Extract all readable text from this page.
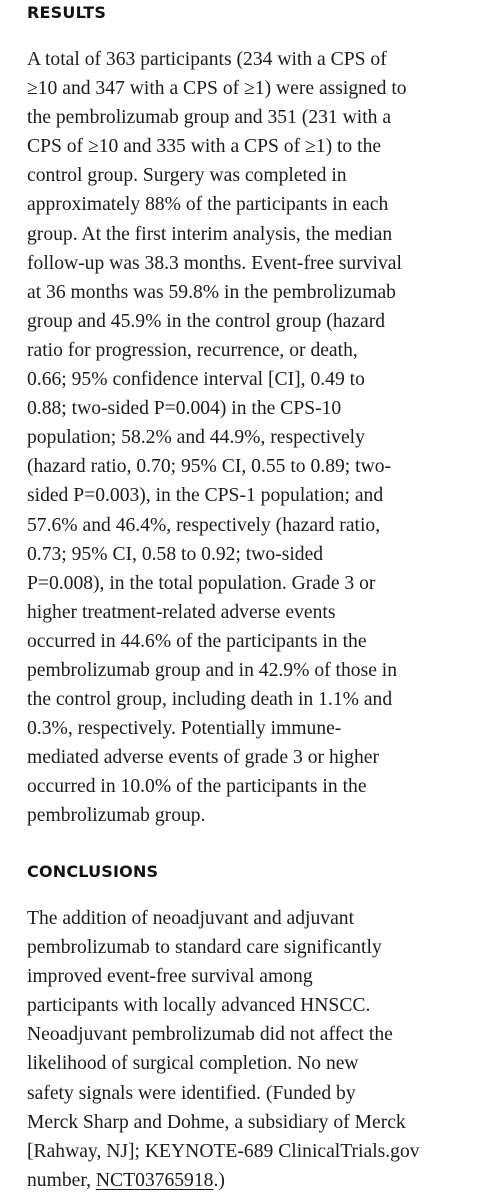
RESULTS

A total of 363 participants (234 with a CPS of
≥10 and 347 with a CPS of ≥1) were assigned to
the pembrolizumab group and 351 (231 with a
CPS of ≥10 and 335 with a CPS of ≥1) to the
control group. Surgery was completed in
approximately 88% of the participants in each
group. At the first interim analysis, the median
follow-up was 38.3 months. Event-free survival
at 36 months was 59.8% in the pembrolizumab
group and 45.9% in the control group (hazard
ratio for progression, recurrence, or death,
0.66; 95% confidence interval [CI], 0.49 to
0.88; two-sided P=0.004) in the CPS-10
population; 58.2% and 44.9%, respectively
(hazard ratio, 0.70; 95% CI, 0.55 to 0.89; two-
sided P=0.003), in the CPS-1 population; and
57.6% and 46.4%, respectively (hazard ratio,
0.73; 95% CI, 0.58 to 0.92; two-sided
P=0.008), in the total population. Grade 3 or
higher treatment-related adverse events
occurred in 44.6% of the participants in the
pembrolizumab group and in 42.9% of those in
the control group, including death in 1.1% and
0.3%, respectively. Potentially immune-
mediated adverse events of grade 3 or higher
occurred in 10.0% of the participants in the
pembrolizumab group.

CONCLUSIONS

The addition of neoadjuvant and adjuvant
pembrolizumab to standard care significantly
improved event-free survival among
participants with locally advanced HNSCC.
Neoadjuvant pembrolizumab did not affect the
likelihood of surgical completion. No new
safety signals were identified. (Funded by
Merck Sharp and Dohme, a subsidiary of Merck
[Rahway, NJ]; KEYNOTE-689 ClinicalTrials.gov
number, NCT03765918.)
